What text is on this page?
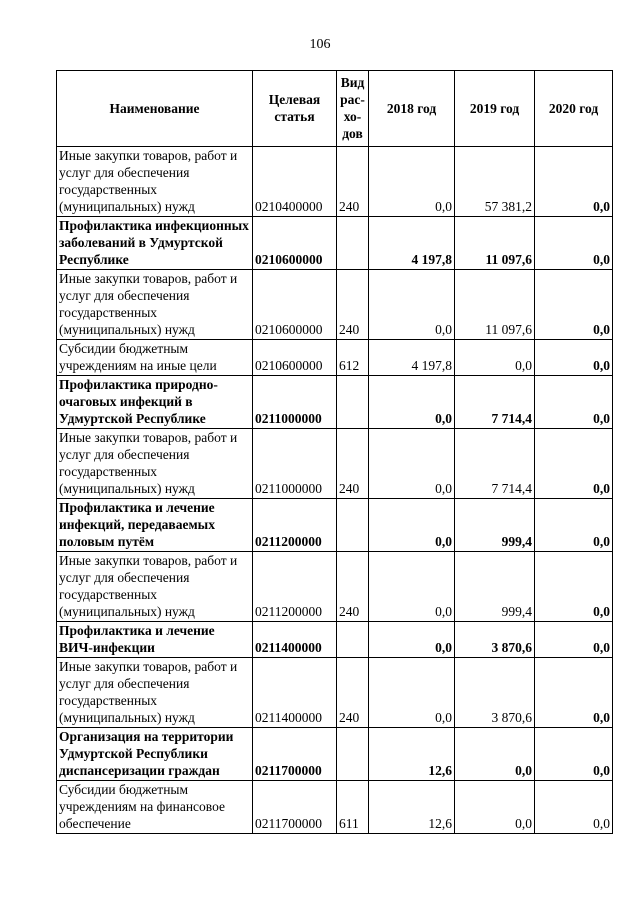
106
Наименование	Целевая статья	Вид рас- хо- дов	2018 год	2019 год	2020 год
Иные закупки товаров, работ и услуг для обеспечения государственных (муниципальных) нужд	0210400000	240	0,0	57 381,2	0,0
Профилактика инфекционных заболеваний в Удмуртской Республике	0210600000		4 197,8	11 097,6	0,0
Иные закупки товаров, работ и услуг для обеспечения государственных (муниципальных) нужд	0210600000	240	0,0	11 097,6	0,0
Субсидии бюджетным учреждениям на иные цели	0210600000	612	4 197,8	0,0	0,0
Профилактика природно-очаговых инфекций в Удмуртской Республике	0211000000		0,0	7 714,4	0,0
Иные закупки товаров, работ и услуг для обеспечения государственных (муниципальных) нужд	0211000000	240	0,0	7 714,4	0,0
Профилактика и лечение инфекций, передаваемых половым путём	0211200000		0,0	999,4	0,0
Иные закупки товаров, работ и услуг для обеспечения государственных (муниципальных) нужд	0211200000	240	0,0	999,4	0,0
Профилактика и лечение ВИЧ-инфекции	0211400000		0,0	3 870,6	0,0
Иные закупки товаров, работ и услуг для обеспечения государственных (муниципальных) нужд	0211400000	240	0,0	3 870,6	0,0
Организация на территории Удмуртской Республики диспансеризации граждан	0211700000		12,6	0,0	0,0
Субсидии бюджетным учреждениям на финансовое обеспечение	0211700000	611	12,6	0,0	0,0
